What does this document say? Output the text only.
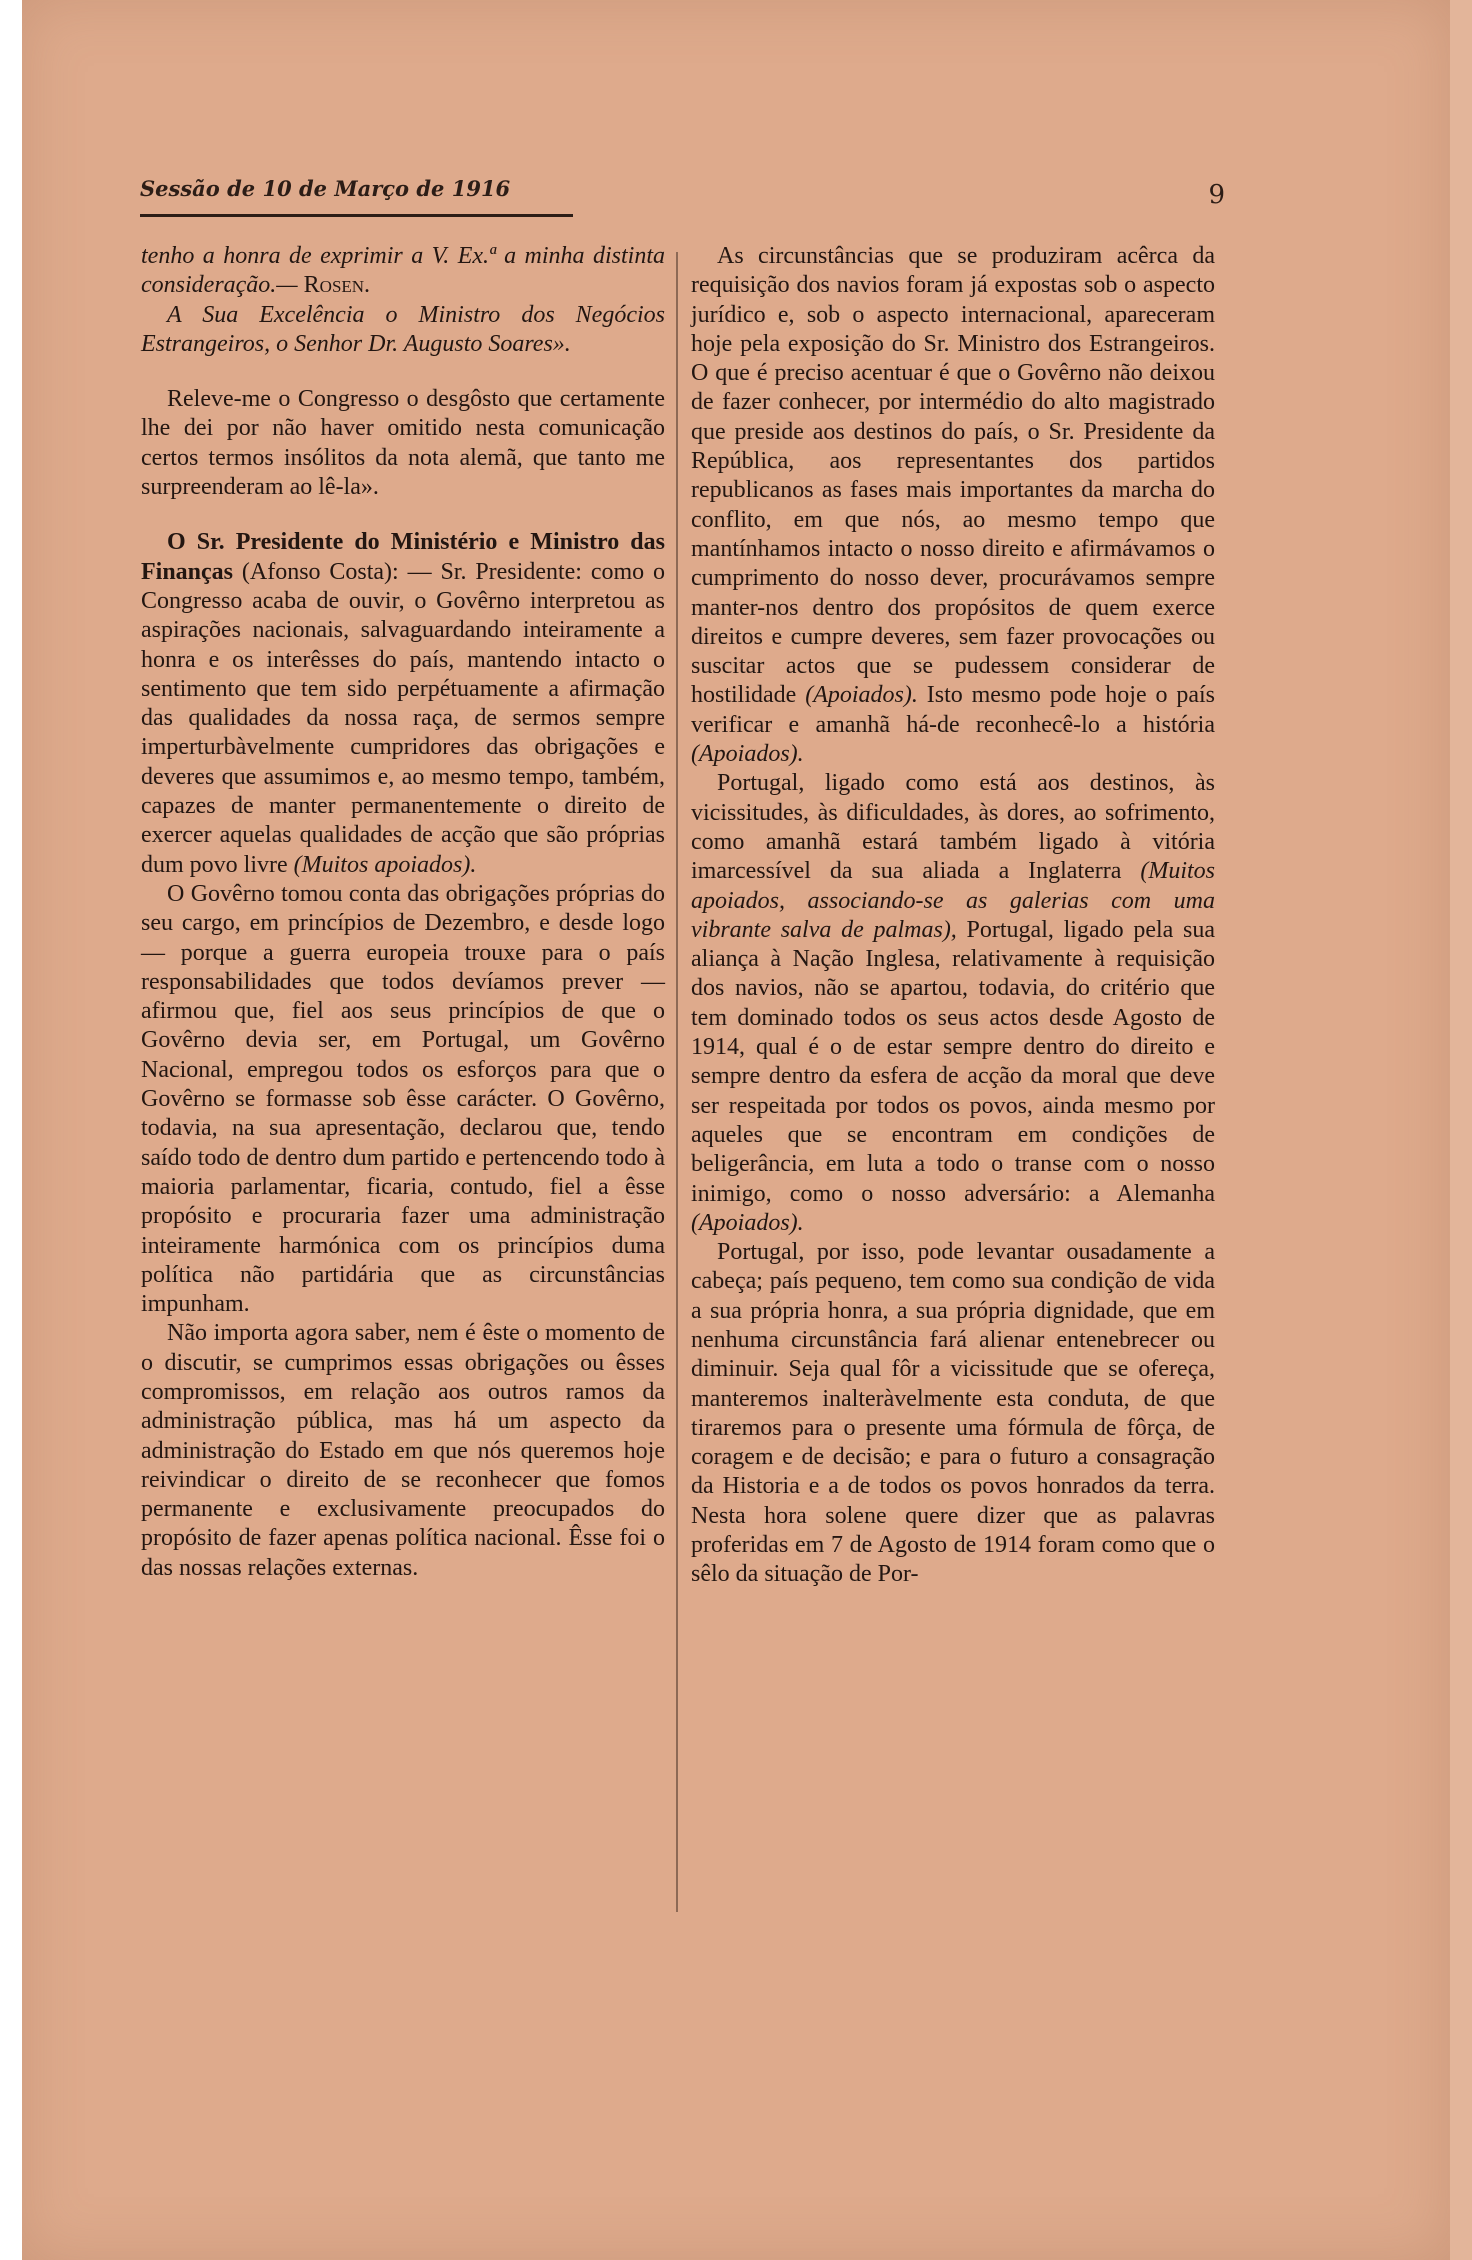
Sessão de 10 de Março de 1916	9

tenho a honra de exprimir a V. Ex.ª a minha distinta consideração.— Rosen.

A Sua Excelência o Ministro dos Negócios Estrangeiros, o Senhor Dr. Augusto Soares».

Releve-me o Congresso o desgôsto que certamente lhe dei por não haver omitido nesta comunicação certos termos insólitos da nota alemã, que tanto me surpreenderam ao lê-la».

O Sr. Presidente do Ministério e Ministro das Finanças (Afonso Costa): — Sr. Presidente: como o Congresso acaba de ouvir, o Govêrno interpretou as aspirações nacionais, salvaguardando inteiramente a honra e os interêsses do país, mantendo intacto o sentimento que tem sido perpétuamente a afirmação das qualidades da nossa raça, de sermos sempre imperturbàvelmente cumpridores das obrigações e deveres que assumimos e, ao mesmo tempo, também, capazes de manter permanentemente o direito de exercer aquelas qualidades de acção que são próprias dum povo livre (Muitos apoiados).

O Govêrno tomou conta das obrigações próprias do seu cargo, em princípios de Dezembro, e desde logo — porque a guerra europeia trouxe para o país responsabilidades que todos devíamos prever — afirmou que, fiel aos seus princípios de que o Govêrno devia ser, em Portugal, um Govêrno Nacional, empregou todos os esforços para que o Govêrno se formasse sob êsse carácter. O Govêrno, todavia, na sua apresentação, declarou que, tendo saído todo de dentro dum partido e pertencendo todo à maioria parlamentar, ficaria, contudo, fiel a êsse propósito e procuraria fazer uma administração inteiramente harmónica com os princípios duma política não partidária que as circunstâncias impunham.

Não importa agora saber, nem é êste o momento de o discutir, se cumprimos essas obrigações ou êsses compromissos, em relação aos outros ramos da administração pública, mas há um aspecto da administração do Estado em que nós queremos hoje reivindicar o direito de se reconhecer que fomos permanente e exclusivamente preocupados do propósito de fazer apenas política nacional. Êsse foi o das nossas relações externas.

As circunstâncias que se produziram acêrca da requisição dos navios foram já expostas sob o aspecto jurídico e, sob o aspecto internacional, apareceram hoje pela exposição do Sr. Ministro dos Estrangeiros. O que é preciso acentuar é que o Govêrno não deixou de fazer conhecer, por intermédio do alto magistrado que preside aos destinos do país, o Sr. Presidente da República, aos representantes dos partidos republicanos as fases mais importantes da marcha do conflito, em que nós, ao mesmo tempo que mantínhamos intacto o nosso direito e afirmávamos o cumprimento do nosso dever, procurávamos sempre manter-nos dentro dos propósitos de quem exerce direitos e cumpre deveres, sem fazer provocações ou suscitar actos que se pudessem considerar de hostilidade (Apoiados). Isto mesmo pode hoje o país verificar e amanhã há-de reconhecê-lo a história (Apoiados).

Portugal, ligado como está aos destinos, às vicissitudes, às dificuldades, às dores, ao sofrimento, como amanhã estará também ligado à vitória imarcessível da sua aliada a Inglaterra (Muitos apoiados, associando-se as galerias com uma vibrante salva de palmas), Portugal, ligado pela sua aliança à Nação Inglesa, relativamente à requisição dos navios, não se apartou, todavia, do critério que tem dominado todos os seus actos desde Agosto de 1914, qual é o de estar sempre dentro do direito e sempre dentro da esfera de acção da moral que deve ser respeitada por todos os povos, ainda mesmo por aqueles que se encontram em condições de beligerância, em luta a todo o transe com o nosso inimigo, como o nosso adversário: a Alemanha (Apoiados).

Portugal, por isso, pode levantar ousadamente a cabeça; país pequeno, tem como sua condição de vida a sua própria honra, a sua própria dignidade, que em nenhuma circunstância fará alienar entenebrecer ou diminuir. Seja qual fôr a vicissitude que se ofereça, manteremos inalteràvelmente esta conduta, de que tiraremos para o presente uma fórmula de fôrça, de coragem e de decisão; e para o futuro a consagração da Historia e a de todos os povos honrados da terra. Nesta hora solene quere dizer que as palavras proferidas em 7 de Agosto de 1914 foram como que o sêlo da situação de Por-
